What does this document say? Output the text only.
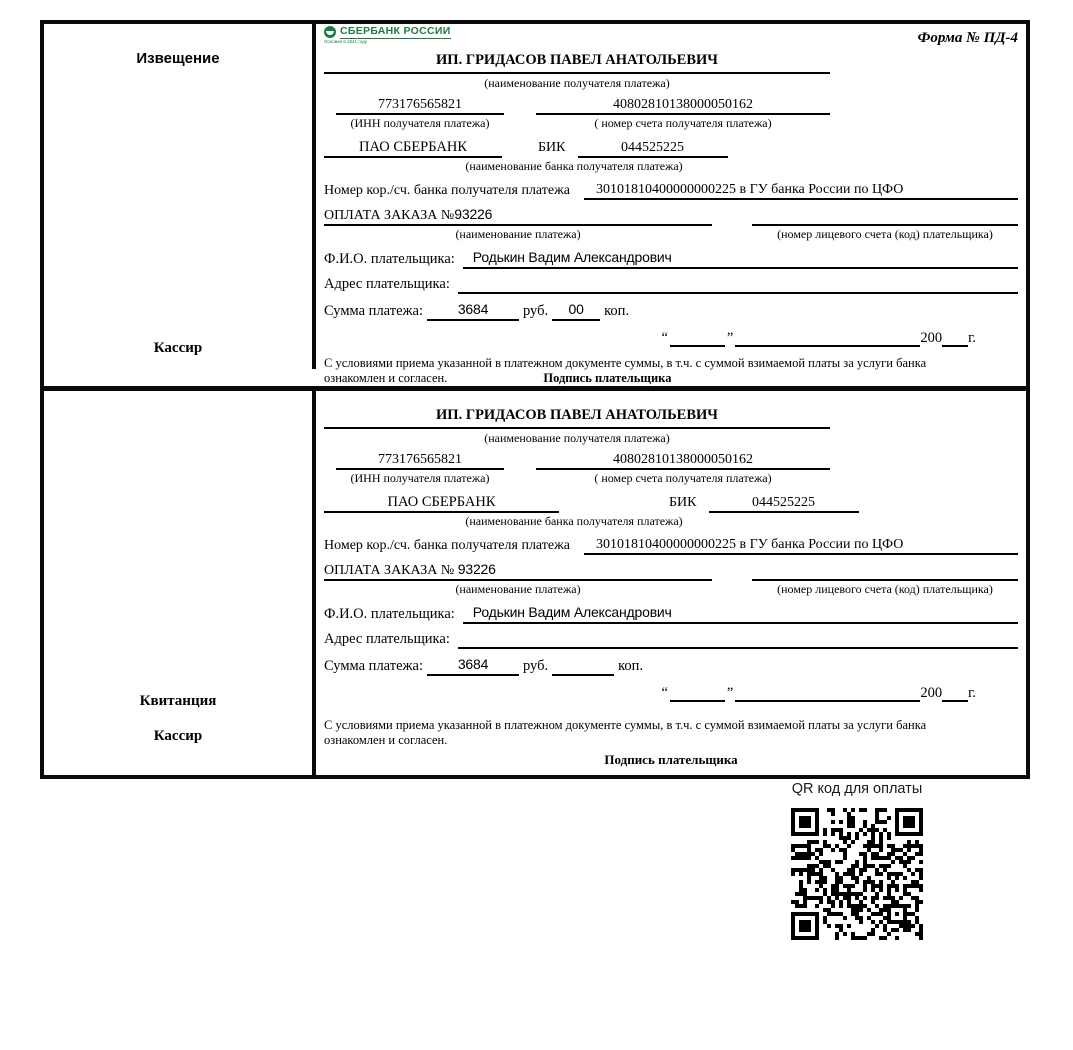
Извещение
Кассир
СБЕРБАНК РОССИИ
Основан в 1841 году	Форма № ПД-4
ИП. ГРИДАСОВ ПАВЕЛ АНАТОЛЬЕВИЧ
(наименование получателя платежа)
773176565821	40802810138000050162
(ИНН получателя платежа)	( номер счета получателя платежа)
ПАО СБЕРБАНК	БИК	044525225
(наименование банка получателя платежа)
Номер кор./сч. банка получателя платежа	30101810400000000225 в ГУ банка России по ЦФО
ОПЛАТА ЗАКАЗА №93226
(наименование платежа)	(номер лицевого счета (код) плательщика)
Ф.И.О. плательщика:	Родькин Вадим Александрович
Адрес плательщика:
Сумма платежа:	3684	руб.	00	коп.
“	”	200 г.
С условиями приема указанной в платежном документе суммы, в т.ч. с суммой взимаемой платы за услуги банка
ознакомлен и согласен.	Подпись плательщика
Квитанция
Кассир
ИП. ГРИДАСОВ ПАВЕЛ АНАТОЛЬЕВИЧ
(наименование получателя платежа)
773176565821	40802810138000050162
(ИНН получателя платежа)	( номер счета получателя платежа)
ПАО СБЕРБАНК	БИК	044525225
(наименование банка получателя платежа)
Номер кор./сч. банка получателя платежа	30101810400000000225 в ГУ банка России по ЦФО
ОПЛАТА ЗАКАЗА № 93226
(наименование платежа)	(номер лицевого счета (код) плательщика)
Ф.И.О. плательщика:	Родькин Вадим Александрович
Адрес плательщика:
Сумма платежа:	3684	руб.	коп.
“	”	200 г.
С условиями приема указанной в платежном документе суммы, в т.ч. с суммой взимаемой платы за услуги банка
ознакомлен и согласен.
Подпись плательщика
QR код для оплаты
